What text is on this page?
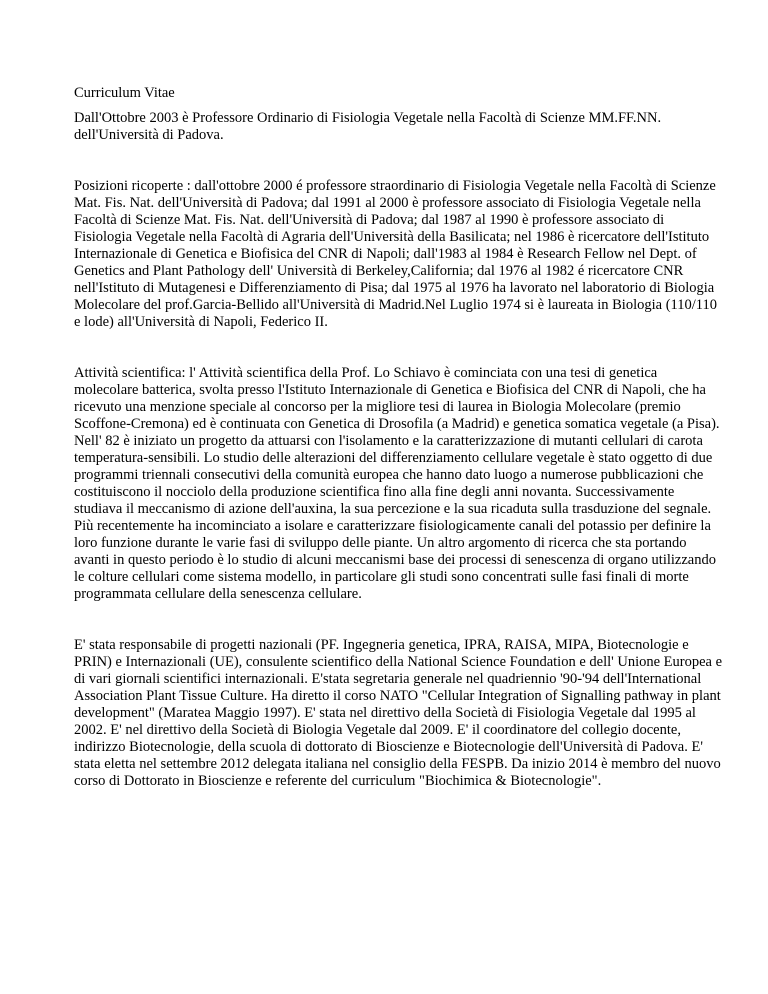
Curriculum Vitae

Dall'Ottobre 2003 è Professore Ordinario di Fisiologia Vegetale nella Facoltà di Scienze MM.FF.NN. dell'Università di Padova.

Posizioni ricoperte : dall'ottobre 2000 é professore straordinario di Fisiologia Vegetale nella Facoltà di Scienze Mat. Fis. Nat. dell'Università di Padova; dal 1991 al 2000 è professore associato di Fisiologia Vegetale nella Facoltà di Scienze Mat. Fis. Nat. dell'Università di Padova; dal 1987 al 1990 è professore associato di Fisiologia Vegetale nella Facoltà di Agraria dell'Università della Basilicata; nel 1986 è ricercatore dell'Istituto Internazionale di Genetica e Biofisica del CNR di Napoli; dall'1983 al 1984 è Research Fellow nel Dept. of Genetics and Plant Pathology dell' Università di Berkeley,California; dal 1976 al 1982 é ricercatore CNR nell'Istituto di Mutagenesi e Differenziamento di Pisa; dal 1975 al 1976 ha lavorato nel laboratorio di Biologia Molecolare del prof.Garcia-Bellido all'Università di Madrid.Nel Luglio 1974 si è laureata in Biologia (110/110 e lode) all'Università di Napoli, Federico II.

Attività scientifica: l' Attività scientifica della Prof. Lo Schiavo è cominciata con una tesi di genetica molecolare batterica, svolta presso l'Istituto Internazionale di Genetica e Biofisica del CNR di Napoli, che ha ricevuto una menzione speciale al concorso per la migliore tesi di laurea in Biologia Molecolare (premio Scoffone-Cremona) ed è continuata con Genetica di Drosofila (a Madrid) e genetica somatica vegetale (a Pisa). Nell' 82 è iniziato un progetto da attuarsi con l'isolamento e la caratterizzazione di mutanti cellulari di carota temperatura-sensibili. Lo studio delle alterazioni del differenziamento cellulare vegetale è stato oggetto di due programmi triennali consecutivi della comunità europea che hanno dato luogo a numerose pubblicazioni che costituiscono il nocciolo della produzione scientifica fino alla fine degli anni novanta. Successivamente studiava il meccanismo di azione dell'auxina, la sua percezione e la sua ricaduta sulla trasduzione del segnale. Più recentemente ha incominciato a isolare e caratterizzare fisiologicamente canali del potassio per definire la loro funzione durante le varie fasi di sviluppo delle piante. Un altro argomento di ricerca che sta portando avanti in questo periodo è lo studio di alcuni meccanismi base dei processi di senescenza di organo utilizzando le colture cellulari come sistema modello, in particolare gli studi sono concentrati sulle fasi finali di morte programmata cellulare della senescenza cellulare.

E' stata responsabile di progetti nazionali (PF. Ingegneria genetica, IPRA, RAISA, MIPA, Biotecnologie e PRIN) e Internazionali (UE), consulente scientifico della National Science Foundation e dell' Unione Europea e di vari giornali scientifici internazionali. E'stata segretaria generale nel quadriennio '90-'94 dell'International Association Plant Tissue Culture. Ha diretto il corso NATO "Cellular Integration of Signalling pathway in plant development" (Maratea Maggio 1997). E' stata nel direttivo della Società di Fisiologia Vegetale dal 1995 al 2002. E' nel direttivo della Società di Biologia Vegetale dal 2009. E' il coordinatore del collegio docente, indirizzo Biotecnologie, della scuola di dottorato di Bioscienze e Biotecnologie dell'Università di Padova. E' stata eletta nel settembre 2012 delegata italiana nel consiglio della FESPB. Da inizio 2014 è membro del nuovo corso di Dottorato in Bioscienze e referente del curriculum "Biochimica & Biotecnologie".
